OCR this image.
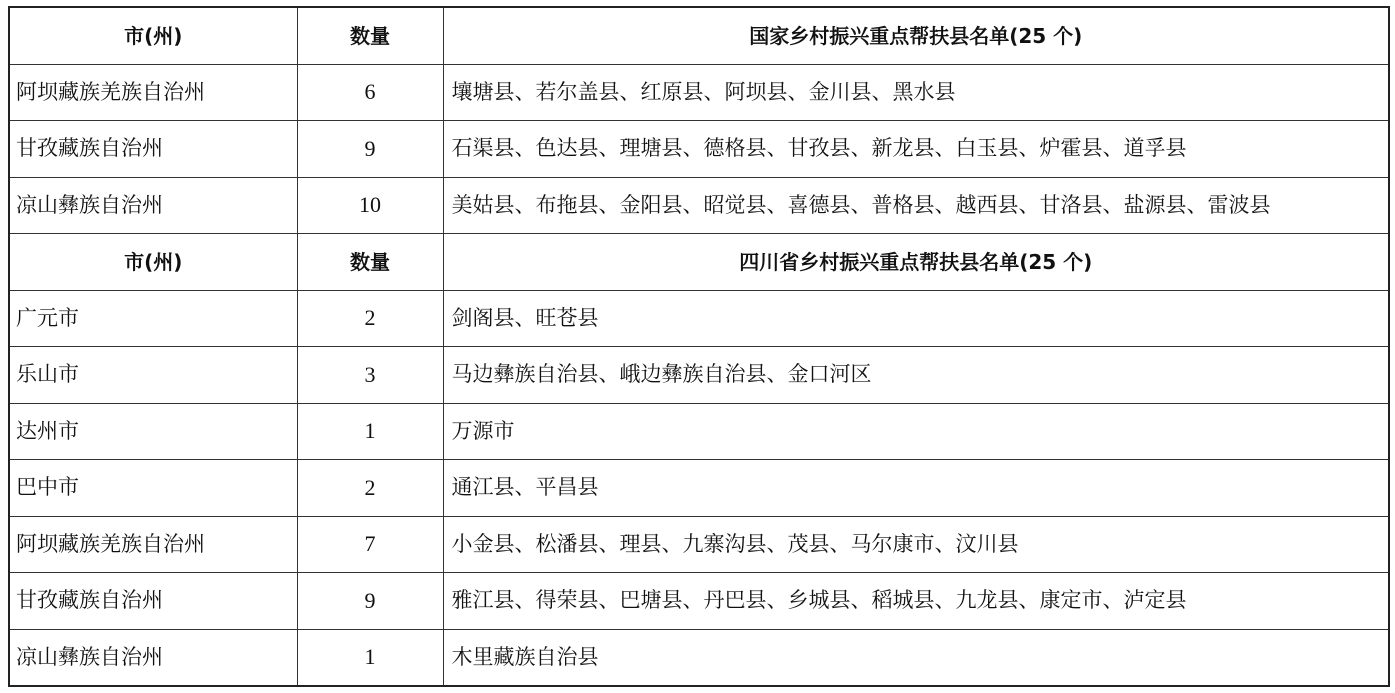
市(州)	数量	国家乡村振兴重点帮扶县名单(25 个)
阿坝藏族羌族自治州	6	壤塘县、若尔盖县、红原县、阿坝县、金川县、黑水县
甘孜藏族自治州	9	石渠县、色达县、理塘县、德格县、甘孜县、新龙县、白玉县、炉霍县、道孚县
凉山彝族自治州	10	美姑县、布拖县、金阳县、昭觉县、喜德县、普格县、越西县、甘洛县、盐源县、雷波县
市(州)	数量	四川省乡村振兴重点帮扶县名单(25 个)
广元市	2	剑阁县、旺苍县
乐山市	3	马边彝族自治县、峨边彝族自治县、金口河区
达州市	1	万源市
巴中市	2	通江县、平昌县
阿坝藏族羌族自治州	7	小金县、松潘县、理县、九寨沟县、茂县、马尔康市、汶川县
甘孜藏族自治州	9	雅江县、得荣县、巴塘县、丹巴县、乡城县、稻城县、九龙县、康定市、泸定县
凉山彝族自治州	1	木里藏族自治县
